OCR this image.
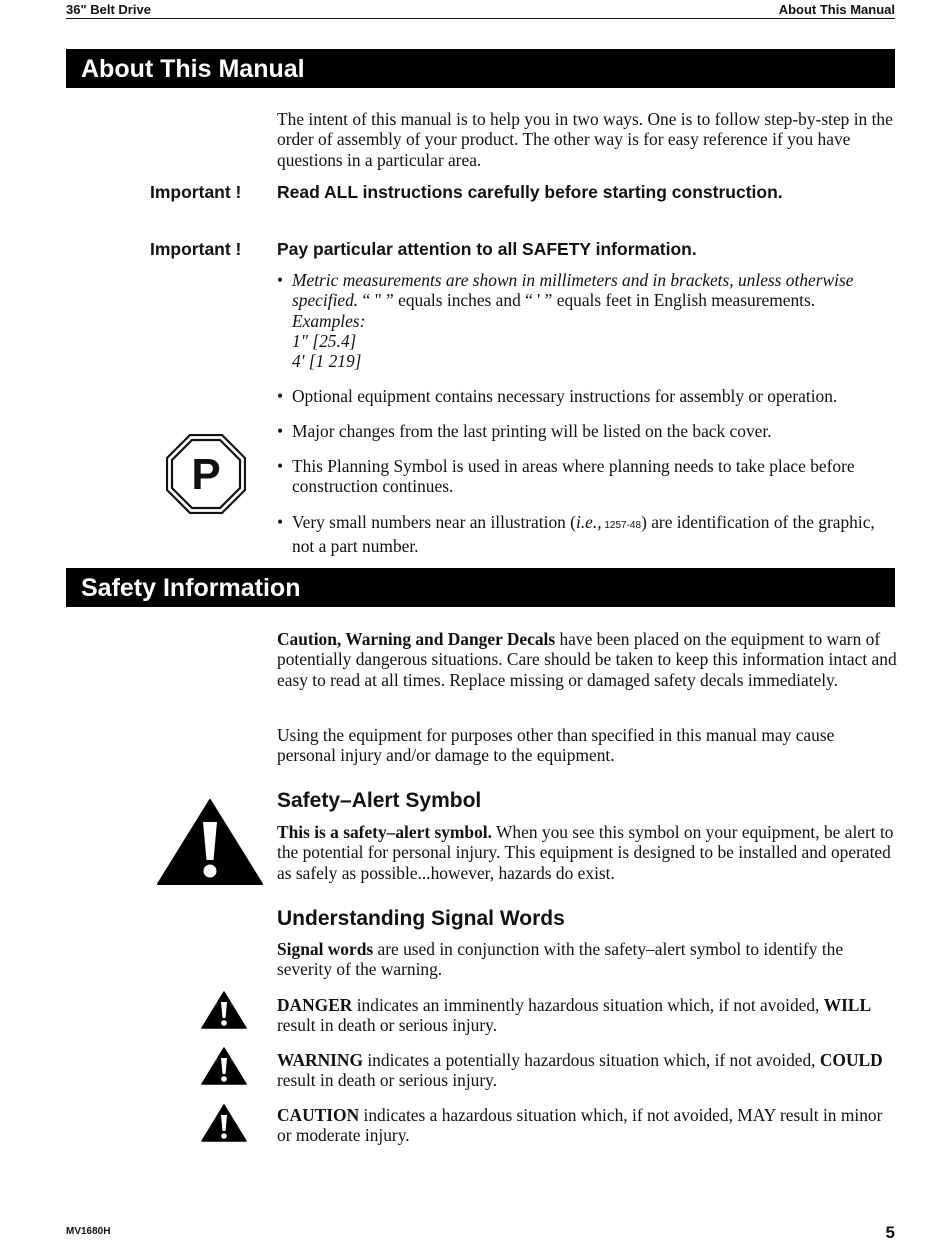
36" Belt Drive	About This Manual
About This Manual
The intent of this manual is to help you in two ways. One is to follow step-by-step in the order of assembly of your product. The other way is for easy reference if you have questions in a particular area.
Important ! Read ALL instructions carefully before starting construction.
Important ! Pay particular attention to all SAFETY information.
• Metric measurements are shown in millimeters and in brackets, unless otherwise specified. “ " ” equals inches and “ ' ” equals feet in English measurements.
Examples:
1" [25.4]
4' [1 219]
• Optional equipment contains necessary instructions for assembly or operation.
• Major changes from the last printing will be listed on the back cover.
P	• This Planning Symbol is used in areas where planning needs to take place before construction continues.
• Very small numbers near an illustration (i.e., 1257-48) are identification of the graphic, not a part number.
Safety Information
Caution, Warning and Danger Decals have been placed on the equipment to warn of potentially dangerous situations. Care should be taken to keep this information intact and easy to read at all times. Replace missing or damaged safety decals immediately.
Using the equipment for purposes other than specified in this manual may cause personal injury and/or damage to the equipment.
Safety–Alert Symbol
This is a safety–alert symbol. When you see this symbol on your equipment, be alert to the potential for personal injury. This equipment is designed to be installed and operated as safely as possible...however, hazards do exist.
Understanding Signal Words
Signal words are used in conjunction with the safety–alert symbol to identify the severity of the warning.
DANGER indicates an imminently hazardous situation which, if not avoided, WILL result in death or serious injury.
WARNING indicates a potentially hazardous situation which, if not avoided, COULD result in death or serious injury.
CAUTION indicates a hazardous situation which, if not avoided, MAY result in minor or moderate injury.
MV1680H	5
